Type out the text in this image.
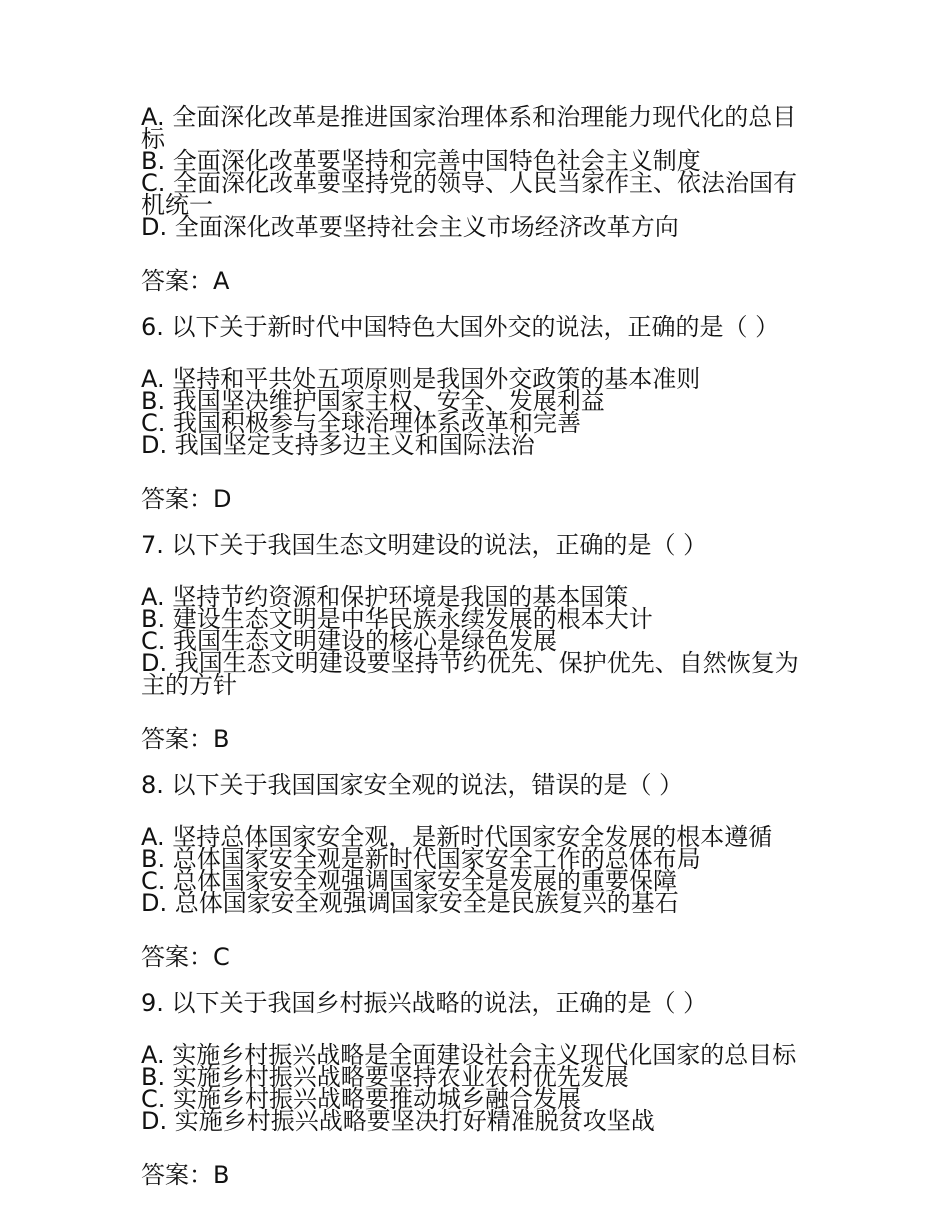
A. 全面深化改革是推进国家治理体系和治理能力现代化的总目标

B. 全面深化改革要坚持和完善中国特色社会主义制度

C. 全面深化改革要坚持党的领导、人民当家作主、依法治国有机统一

D. 全面深化改革要坚持社会主义市场经济改革方向

答案：A

6. 以下关于新时代中国特色大国外交的说法，正确的是（ ）

A. 坚持和平共处五项原则是我国外交政策的基本准则

B. 我国坚决维护国家主权、安全、发展利益

C. 我国积极参与全球治理体系改革和完善

D. 我国坚定支持多边主义和国际法治

答案：D

7. 以下关于我国生态文明建设的说法，正确的是（ ）

A. 坚持节约资源和保护环境是我国的基本国策

B. 建设生态文明是中华民族永续发展的根本大计

C. 我国生态文明建设的核心是绿色发展

D. 我国生态文明建设要坚持节约优先、保护优先、自然恢复为主的方针

答案：B

8. 以下关于我国国家安全观的说法，错误的是（ ）

A. 坚持总体国家安全观，是新时代国家安全发展的根本遵循

B. 总体国家安全观是新时代国家安全工作的总体布局

C. 总体国家安全观强调国家安全是发展的重要保障

D. 总体国家安全观强调国家安全是民族复兴的基石

答案：C

9. 以下关于我国乡村振兴战略的说法，正确的是（ ）

A. 实施乡村振兴战略是全面建设社会主义现代化国家的总目标

B. 实施乡村振兴战略要坚持农业农村优先发展

C. 实施乡村振兴战略要推动城乡融合发展

D. 实施乡村振兴战略要坚决打好精准脱贫攻坚战

答案：B
